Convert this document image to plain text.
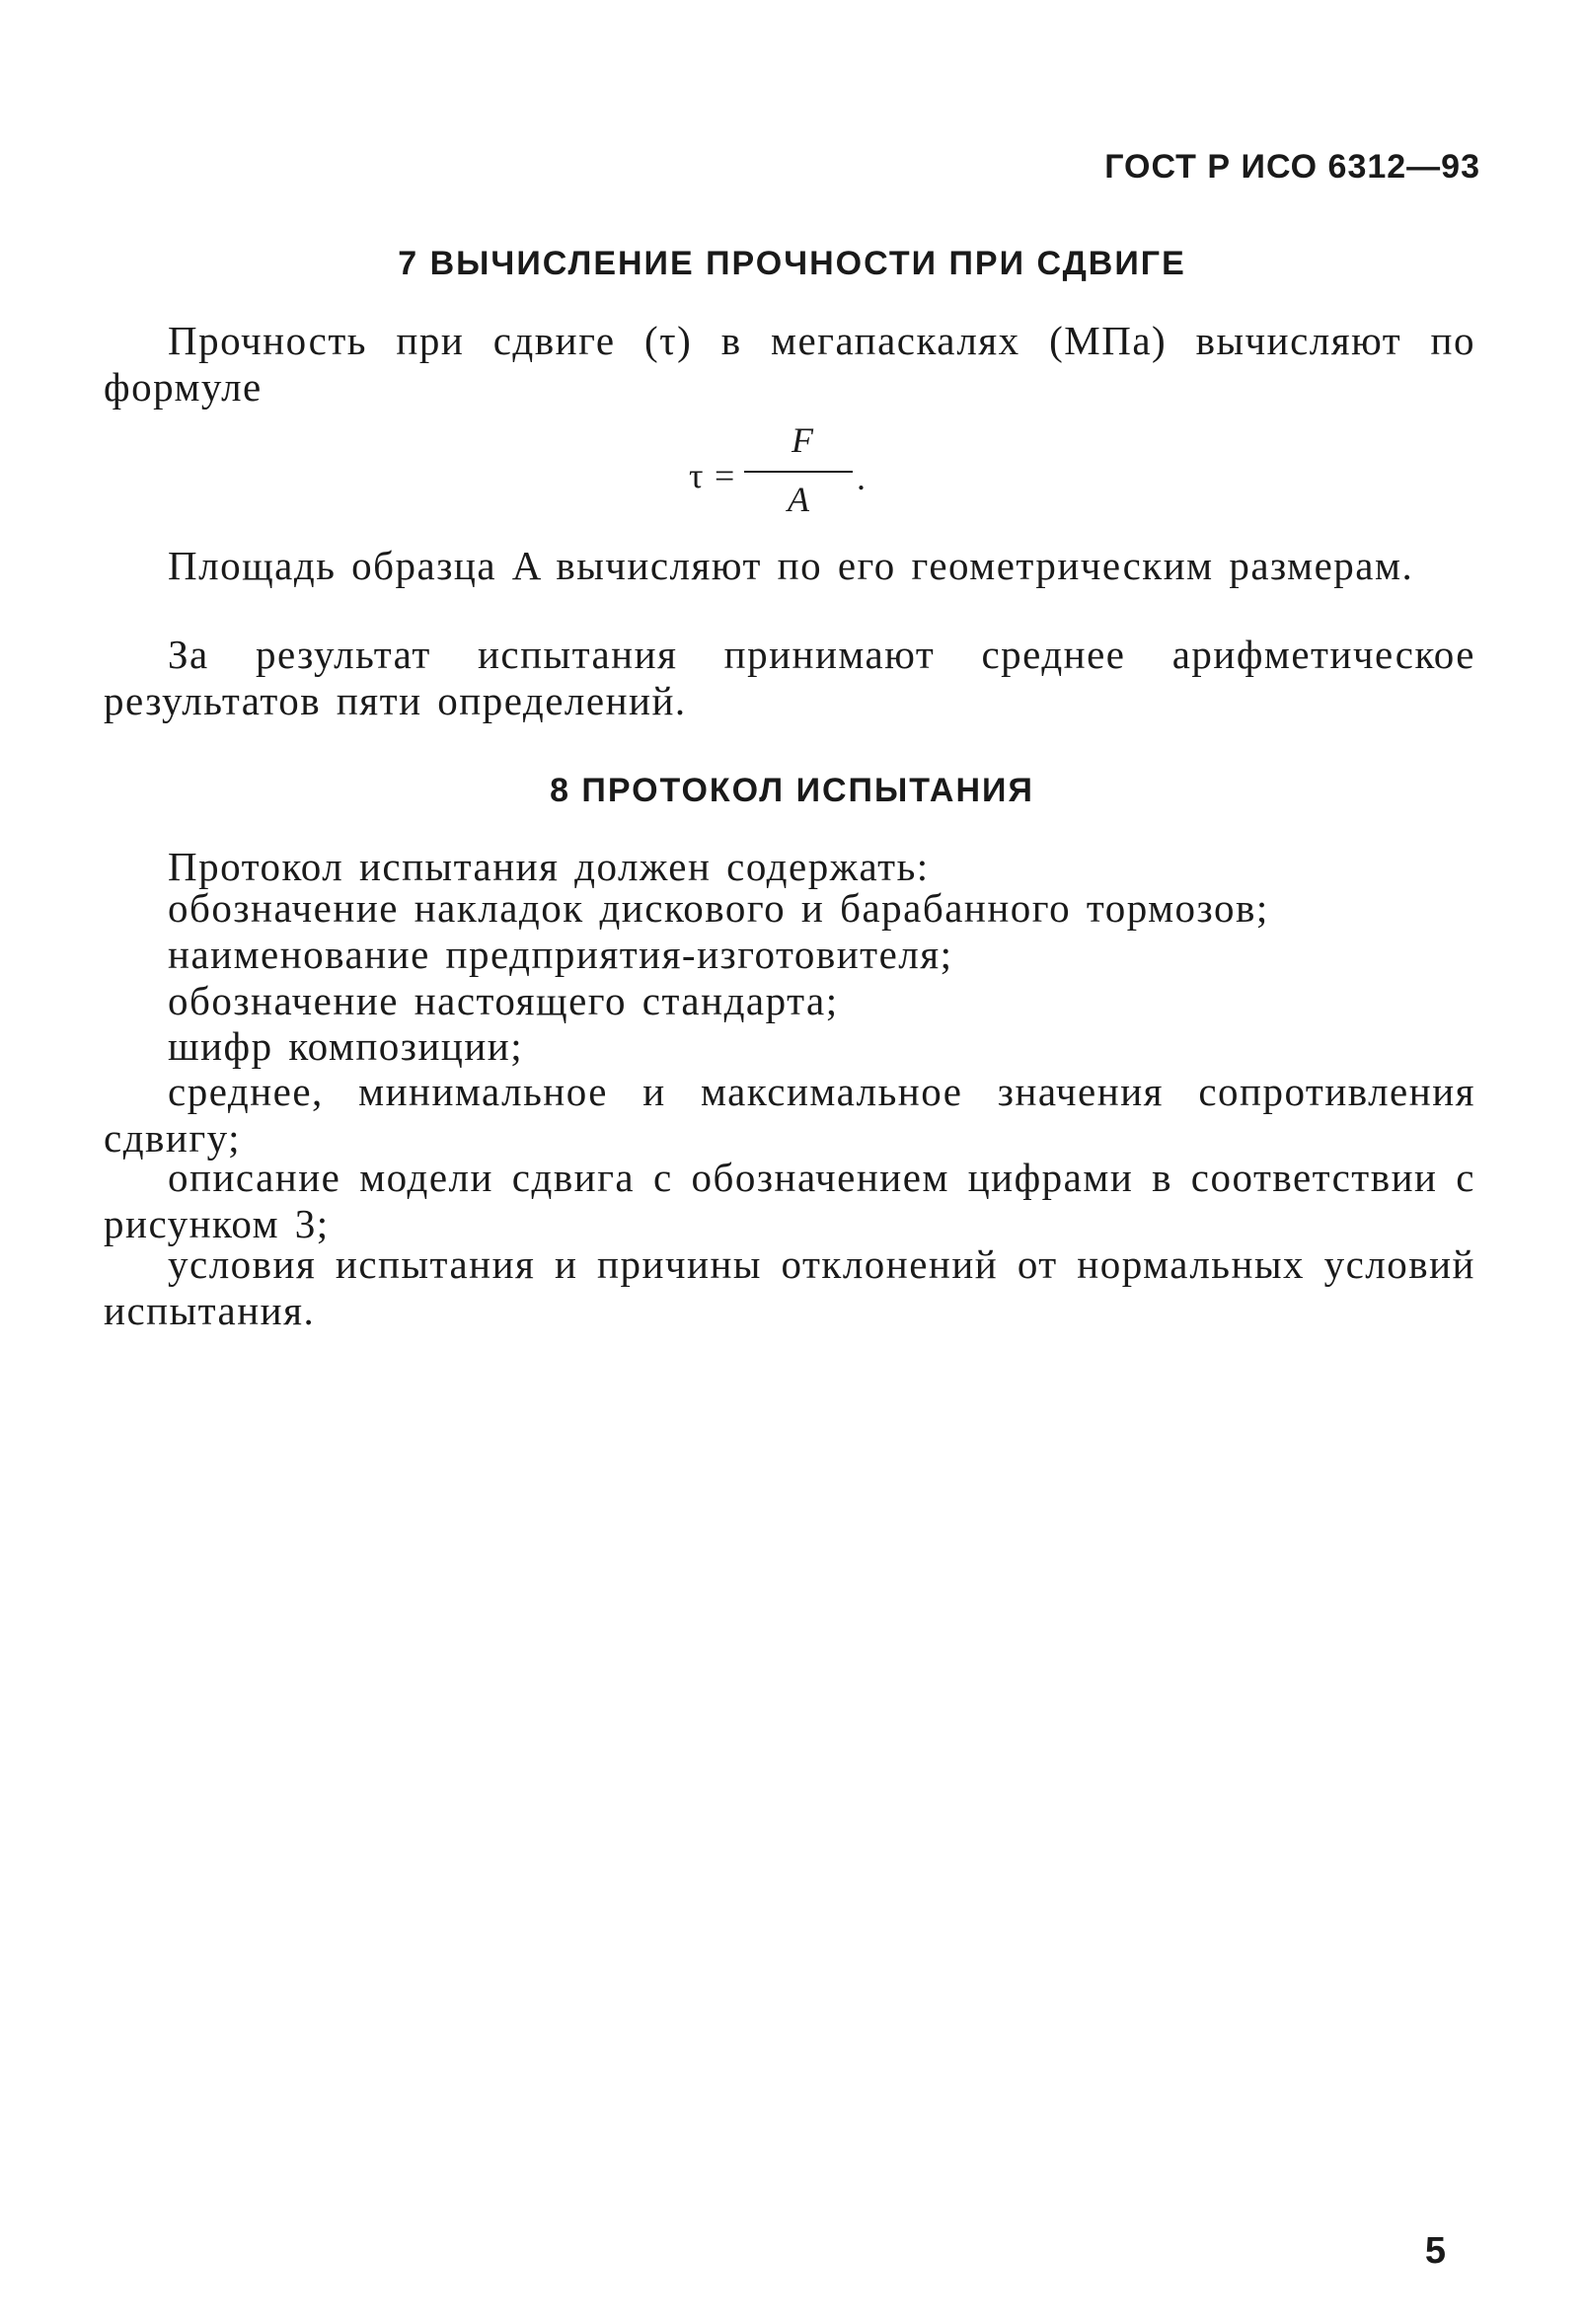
ГОСТ Р ИСО 6312—93
7 ВЫЧИСЛЕНИЕ ПРОЧНОСТИ ПРИ СДВИГЕ
Прочность при сдвиге (τ) в мегапаскалях (МПа) вычисляют по формуле
τ =
F
A
.
Площадь образца A вычисляют по его геометрическим размерам.
За результат испытания принимают среднее арифметическое результатов пяти определений.
8 ПРОТОКОЛ ИСПЫТАНИЯ
Протокол испытания должен содержать:
обозначение накладок дискового и барабанного тормозов;
наименование предприятия-изготовителя;
обозначение настоящего стандарта;
шифр композиции;
среднее, минимальное и максимальное значения сопротивления сдвигу;
описание модели сдвига с обозначением цифрами в соответствии с рисунком 3;
условия испытания и причины отклонений от нормальных условий испытания.
5
